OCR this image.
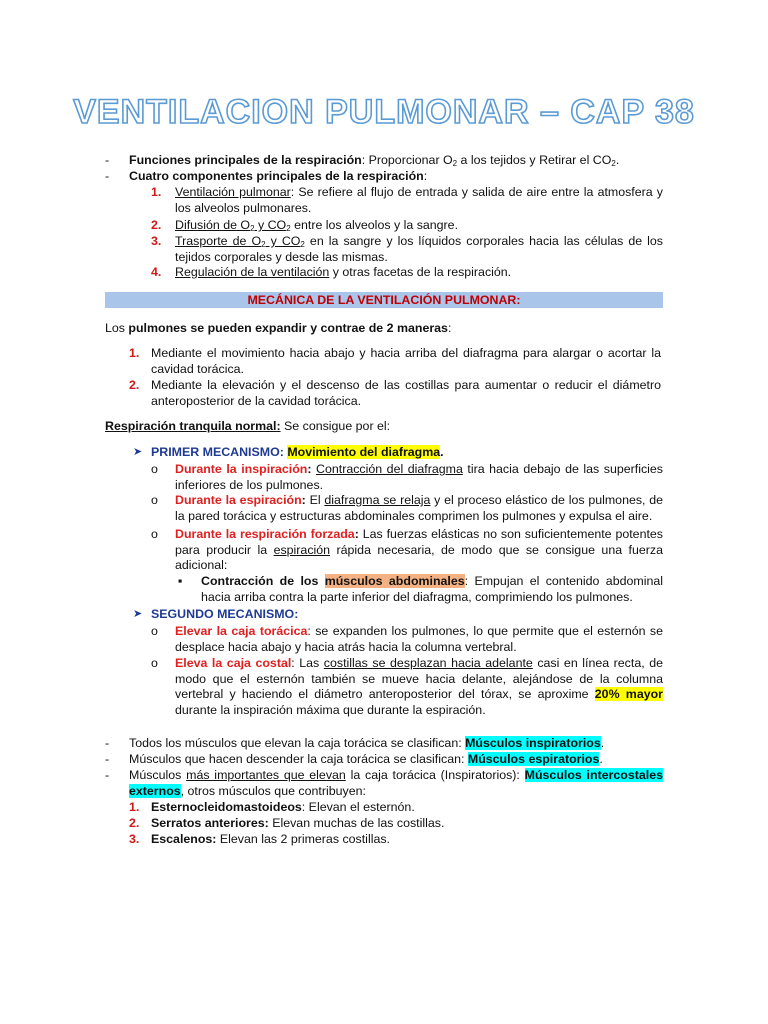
VENTILACION PULMONAR – CAP 38
- Funciones principales de la respiración: Proporcionar $O_2$ a los tejidos y Retirar el $CO_2$.
- Cuatro componentes principales de la respiración:
1. Ventilación pulmonar: Se refiere al flujo de entrada y salida de aire entre la atmosfera y los alveolos pulmonares.
2. Difusión de $O_2$ y $CO_2$ entre los alveolos y la sangre.
3. Trasporte de $O_2$ y $CO_2$ en la sangre y los líquidos corporales hacia las células de los tejidos corporales y desde las mismas.
4. Regulación de la ventilación y otras facetas de la respiración.
MECÁNICA DE LA VENTILACIÓN PULMONAR:
Los pulmones se pueden expandir y contrae de 2 maneras:
1. Mediante el movimiento hacia abajo y hacia arriba del diafragma para alargar o acortar la cavidad torácica.
2. Mediante la elevación y el descenso de las costillas para aumentar o reducir el diámetro anteroposterior de la cavidad torácica.
Respiración tranquila normal: Se consigue por el:
➤ PRIMER MECANISMO: Movimiento del diafragma.
o Durante la inspiración: Contracción del diafragma tira hacia debajo de las superficies inferiores de los pulmones.
o Durante la espiración: El diafragma se relaja y el proceso elástico de los pulmones, de la pared torácica y estructuras abdominales comprimen los pulmones y expulsa el aire.
o Durante la respiración forzada: Las fuerzas elásticas no son suficientemente potentes para producir la espiración rápida necesaria, de modo que se consigue una fuerza adicional:
▪ Contracción de los músculos abdominales: Empujan el contenido abdominal hacia arriba contra la parte inferior del diafragma, comprimiendo los pulmones.
➤ SEGUNDO MECANISMO:
o Elevar la caja torácica: se expanden los pulmones, lo que permite que el esternón se desplace hacia abajo y hacia atrás hacia la columna vertebral.
o Eleva la caja costal: Las costillas se desplazan hacia adelante casi en línea recta, de modo que el esternón también se mueve hacia delante, alejándose de la columna vertebral y haciendo el diámetro anteroposterior del tórax, se aproxime 20% mayor durante la inspiración máxima que durante la espiración.
- Todos los músculos que elevan la caja torácica se clasifican: Músculos inspiratorios.
- Músculos que hacen descender la caja torácica se clasifican: Músculos espiratorios.
- Músculos más importantes que elevan la caja torácica (Inspiratorios): Músculos intercostales externos, otros músculos que contribuyen:
1. Esternocleidomastoideos: Elevan el esternón.
2. Serratos anteriores: Elevan muchas de las costillas.
3. Escalenos: Elevan las 2 primeras costillas.
